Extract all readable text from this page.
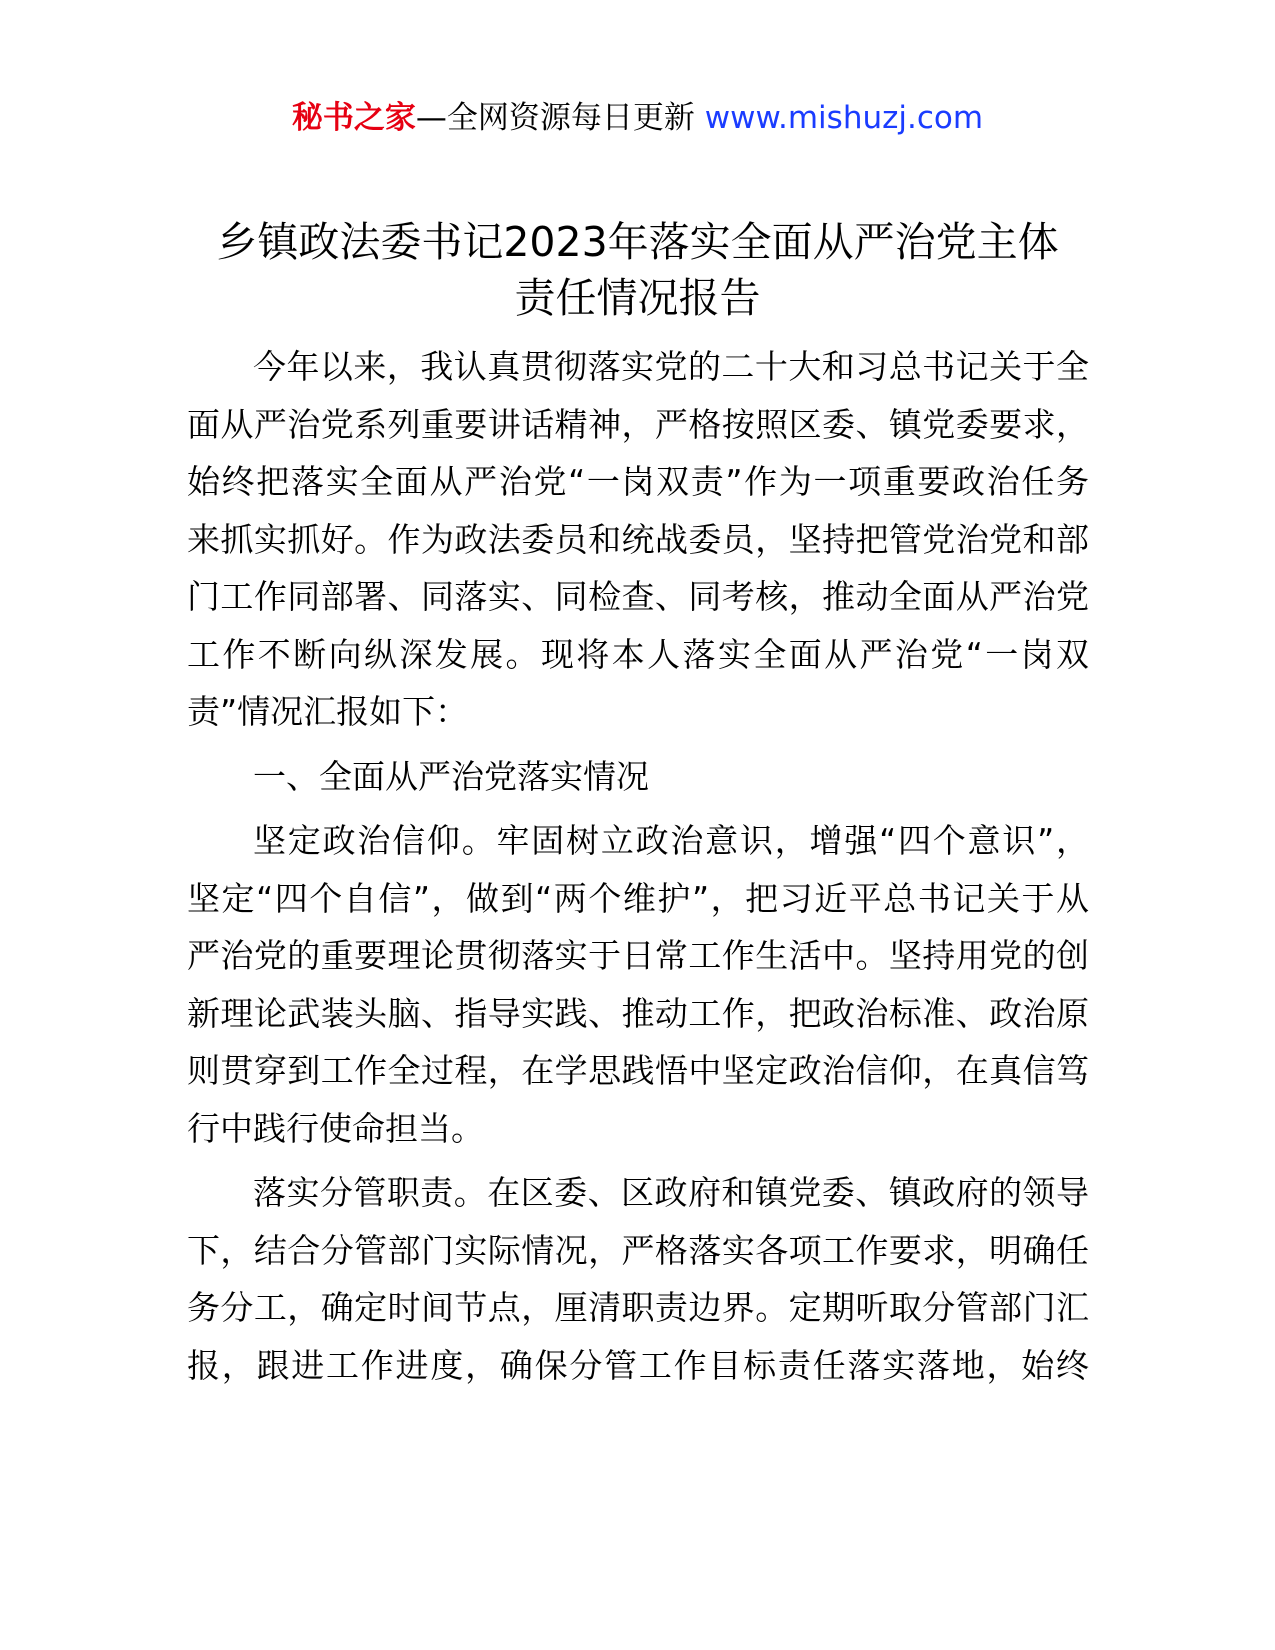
秘书之家—全网资源每日更新 www.mishuzj.com
乡镇政法委书记2023年落实全面从严治党主体
责任情况报告
今年以来，我认真贯彻落实党的二十大和习总书记关于全
面从严治党系列重要讲话精神，严格按照区委、镇党委要求，
始终把落实全面从严治党“一岗双责”作为一项重要政治任务
来抓实抓好。作为政法委员和统战委员，坚持把管党治党和部
门工作同部署、同落实、同检查、同考核，推动全面从严治党
工作不断向纵深发展。现将本人落实全面从严治党“一岗双
责”情况汇报如下：
一、全面从严治党落实情况
坚定政治信仰。牢固树立政治意识，增强“四个意识”，
坚定“四个自信”，做到“两个维护”，把习近平总书记关于从
严治党的重要理论贯彻落实于日常工作生活中。坚持用党的创
新理论武装头脑、指导实践、推动工作，把政治标准、政治原
则贯穿到工作全过程，在学思践悟中坚定政治信仰，在真信笃
行中践行使命担当。
落实分管职责。在区委、区政府和镇党委、镇政府的领导
下，结合分管部门实际情况，严格落实各项工作要求，明确任
务分工，确定时间节点，厘清职责边界。定期听取分管部门汇
报，跟进工作进度，确保分管工作目标责任落实落地，始终
